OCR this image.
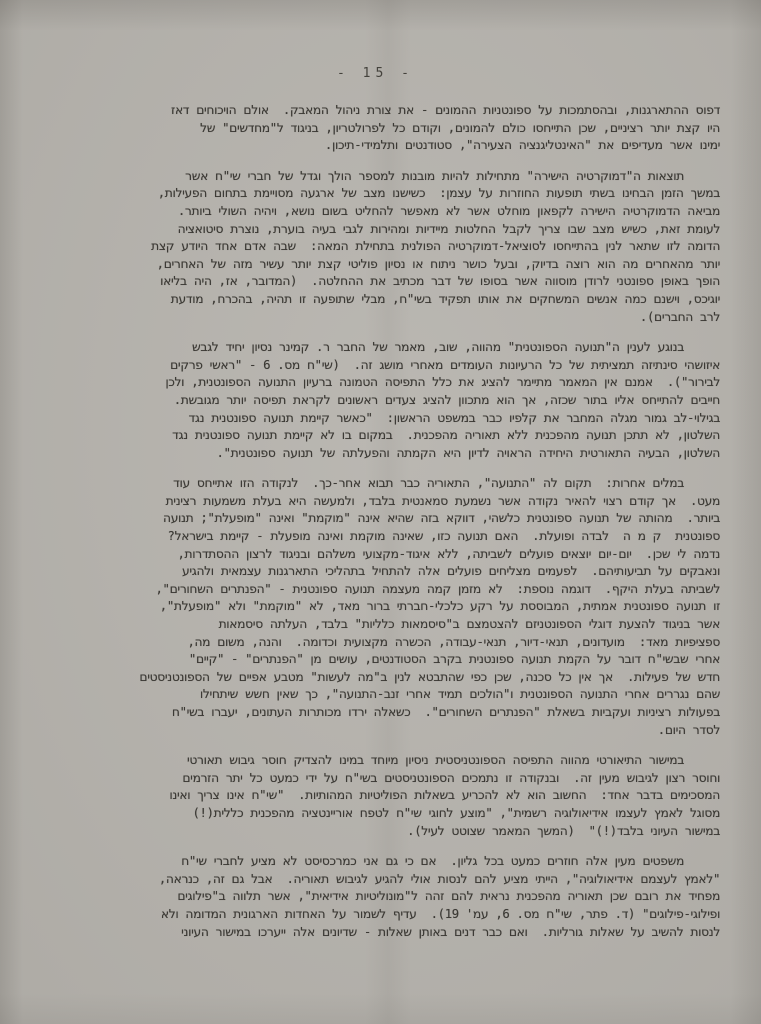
- 15 -
דפוס ההתארגנות, ובהסתמכות על ספונטניות ההמונים - את צורת ניהול המאבק.  אולם הויכוחים דאז
היו קצת יותר רציניים, שכן התייחסו כולם להמונים, וקודם כל לפרולטריון, בניגוד ל"מחדשים" של
ימינו אשר מעדיפים את "האינטליגנציה הצעירה", סטודנטים ותלמידי-תיכון.
תוצאות ה"דמוקרטיה הישירה" מתחילות להיות מובנות למספר הולך וגדל של חברי שי"ח אשר
במשך הזמן הבחינו בשתי תופעות החוזרות על עצמן:  כשישנו מצב של ארגעה מסויימת בתחום הפעילות,
מביאה הדמוקרטיה הישירה לקפאון מוחלט אשר לא מאפשר להחליט בשום נושא, ויהיה השולי ביותר.
לעומת זאת, כשיש מצב שבו צריך לקבל החלטות מיידיות ומהירות לגבי בעיה בוערת, נוצרת סיטואציה
הדומה לזו שתאר לנין בהתייחסו לסוציאל-דמוקרטיה הפולנית בתחילת המאה:  שבה אדם אחד היודע קצת
יותר מהאחרים מה הוא רוצה בדיוק, ובעל כושר ניתוח או נסיון פוליטי קצת יותר עשיר מזה של האחרים,
הופך באופן ספונטני לרודן מוסווה אשר בסופו של דבר מכתיב את ההחלטה.  (המדובר, אז, היה בליאו
יוגיכס, וישנם כמה אנשים המשחקים את אותו תפקיד בשי"ח, מבלי שתופעה זו תהיה, בהכרח, מודעת
לרב החברים).
בנוגע לענין ה"תנועה הספונטנית" מהווה, שוב, מאמר של החבר ר. קמינר נסיון יחיד לגבש
איזושהי סינתיזה תמציתית של כל הרעיונות העומדים מאחרי מושג זה.  (שי"ח מס. 6 - "ראשי פרקים
לבירור").  אמנם אין המאמר מתיימר להציג את כלל התפיסה הטמונה ברעיון התנועה הספונטנית, ולכן
חייבים להתייחס אליו בתור שכזה, אך הוא מתכוון להציג צעדים ראשונים לקראת תפיסה יותר מגובשת.
בגילוי-לב גמור מגלה המחבר את קלפיו כבר במשפט הראשון:  "כאשר קיימת תנועה ספונטנית נגד
השלטון, לא תתכן תנועה מהפכנית ללא תאוריה מהפכנית.  במקום בו לא קיימת תנועה ספונטנית נגד
השלטון, הבעיה התאורטית היחידה הראויה לדיון היא הקמתה והפעלתה של תנועה ספונטנית".
במלים אחרות:  תקום לה "התנועה", התאוריה כבר תבוא אחר-כך.  לנקודה הזו אתייחס עוד
מעט.  אך קודם רצוי להאיר נקודה אשר נשמעת סמאנטית בלבד, ולמעשה היא בעלת משמעות רצינית
ביותר.  מהותה של תנועה ספונטנית כלשהי, דווקא בזה שהיא אינה "מוקמת" ואינה "מופעלת"; תנועה
ספונטנית  ק מ ה  לבדה ופועלת.  האם תנועה כזו, שאינה מוקמת ואינה מופעלת - קיימת בישראל?
נדמה לי שכן.  יום-יום יוצאים פועלים לשביתה, ללא איגוד-מקצועי משלהם ובניגוד לרצון ההסתדרות,
ונאבקים על תביעותיהם.  לפעמים מצליחים פועלים אלה להתחיל בתהליכי התארגנות עצמאית ולהגיע
לשביתה בעלת היקף.  דוגמה נוספת:  לא מזמן קמה מעצמה תנועה ספונטנית - "הפנתרים השחורים",
זו תנועה ספונטנית אמתית, המבוססת על רקע כלכלי-חברתי ברור מאד, לא "מוקמת" ולא "מופעלת",
אשר בניגוד להצעת דוגלי הספונטניזם להצטמצם ב"סיסמאות כלליות" בלבד, העלתה סיסמאות
ספציפיות מאד:  מועדונים, תנאי-דיור, תנאי-עבודה, הכשרה מקצועית וכדומה.  והנה, משום מה,
אחרי שבשי"ח דובר על הקמת תנועה ספונטנית בקרב הסטודנטים, עושים מן "הפנתרים" - "קיים"
חדש של פעילות.  אך אין כל סכנה, שכן כפי שהתבטא לנין ב"מה לעשות" מטבע אפיים של הספונטניסטים
שהם נגררים אחרי התנועה הספונטנית ו"הולכים תמיד אחרי זנב-התנועה", כך שאין חשש שיתחילו
בפעולות רציניות ועקביות בשאלת "הפנתרים השחורים".  כשאלה ירדו מכותרות העתונים, יעברו בשי"ח
לסדר היום.
במישור התיאורטי מהווה התפיסה הספונטניסטית ניסיון מיוחד במינו להצדיק חוסר גיבוש תאורטי
וחוסר רצון לגיבוש מעין זה.  ובנקודה זו נתמכים הספונטניסטים בשי"ח על ידי כמעט כל יתר הזרמים
המסכימים בדבר אחד:  החשוב הוא לא להכריע בשאלות הפוליטיות המהותיות.  "שי"ח אינו צריך ואינו
מסוגל לאמץ לעצמו אידיאולוגיה רשמית", "מוצע לחוגי שי"ח לטפח אוריינטציה מהפכנית כללית(!)
במישור העיוני בלבד(!)"  (המשך המאמר שצוטט לעיל).
משפטים מעין אלה חוזרים כמעט בכל גליון.  אם כי גם אני כמרכסיסט לא מציע לחברי שי"ח
"לאמץ לעצמם אידיאולוגיה", הייתי מציע להם לנסות אולי להגיע לגיבוש תאוריה.  אבל גם זה, כנראה,
מפחיד את רובם שכן תאוריה מהפכנית נראית להם זהה ל"מונוליטיות אידיאית", אשר תלווה ב"פילוגים
ופילוגי-פילוגים" (ד. פתר, שי"ח מס. 6, עמ' 19).  עדיף לשמור על האחדות הארגונית המדומה ולא
לנסות להשיב על שאלות גורליות.  ואם כבר דנים באותן שאלות - שדיונים אלה ייערכו במישור העיוני
